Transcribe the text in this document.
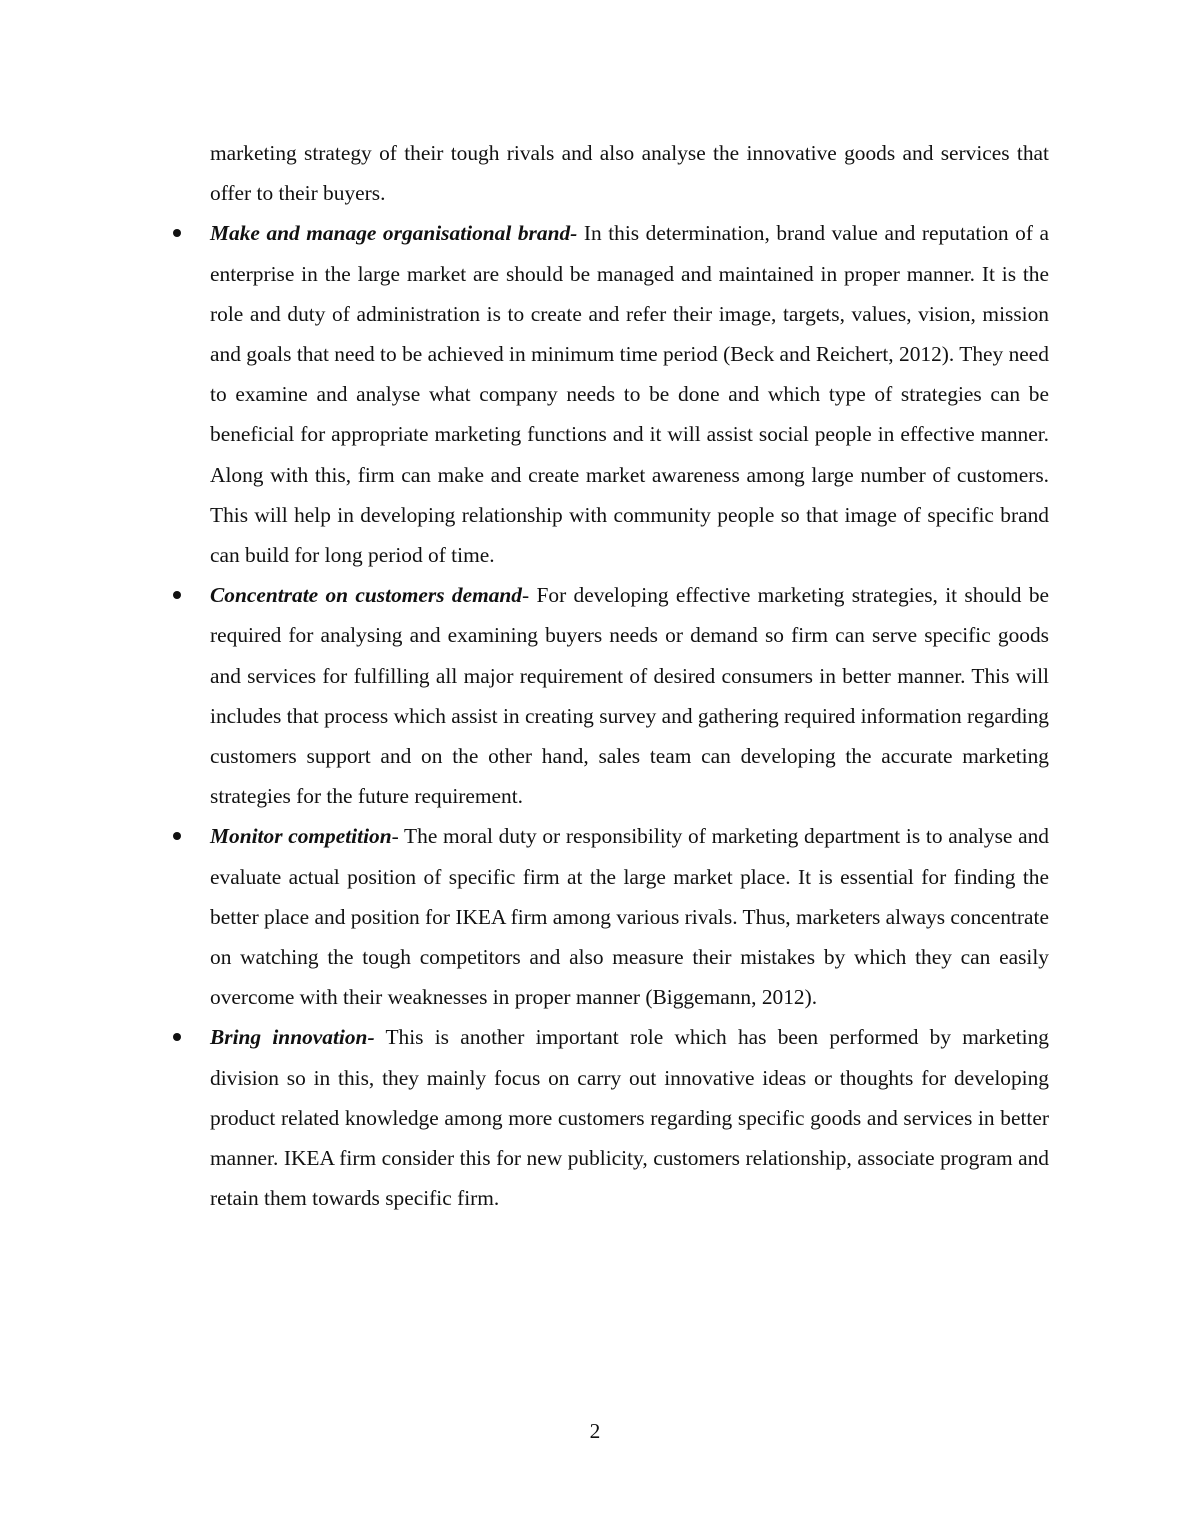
marketing strategy of their tough rivals and also analyse the innovative goods and services that offer to their buyers.

Make and manage organisational brand- In this determination, brand value and reputation of a enterprise in the large market are should be managed and maintained in proper manner. It is the role and duty of administration is to create and refer their image, targets, values, vision, mission and goals that need to be achieved in minimum time period (Beck and Reichert, 2012). They need to examine and analyse what company needs to be done and which type of strategies can be beneficial for appropriate marketing functions and it will assist social people in effective manner. Along with this, firm can make and create market awareness among large number of customers. This will help in developing relationship with community people so that image of specific brand can build for long period of time.
Concentrate on customers demand- For developing effective marketing strategies, it should be required for analysing and examining buyers needs or demand so firm can serve specific goods and services for fulfilling all major requirement of desired consumers in better manner. This will includes that process which assist in creating survey and gathering required information regarding customers support and on the other hand, sales team can developing the accurate marketing strategies for the future requirement.
Monitor competition- The moral duty or responsibility of marketing department is to analyse and evaluate actual position of specific firm at the large market place. It is essential for finding the better place and position for IKEA firm among various rivals. Thus, marketers always concentrate on watching the tough competitors and also measure their mistakes by which they can easily overcome with their weaknesses in proper manner (Biggemann, 2012).
Bring innovation- This is another important role which has been performed by marketing division so in this, they mainly focus on carry out innovative ideas or thoughts for developing product related knowledge among more customers regarding specific goods and services in better manner. IKEA firm consider this for new publicity, customers relationship, associate program and retain them towards specific firm.
2
